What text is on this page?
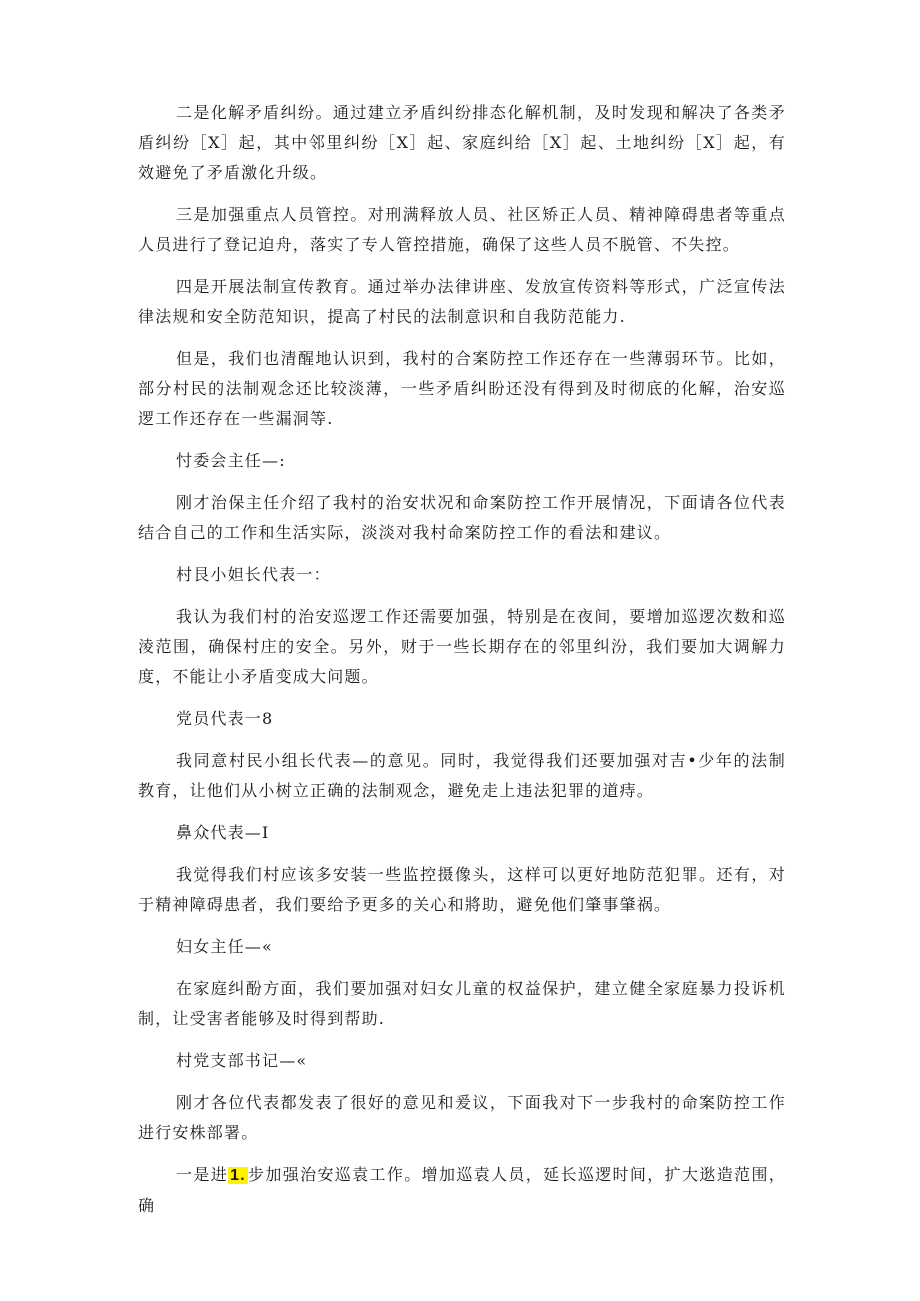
二是化解矛盾纠纷。通过建立矛盾纠纷排态化解机制，及时发现和解决了各类矛盾纠纷［X］起，其中邻里纠纷［X］起、家庭纠给［X］起、土地纠纷［X］起，有效避免了矛盾激化升级。

三是加强重点人员管控。对刑满释放人员、社区矫正人员、精神障碍患者等重点人员进行了登记迫舟，落实了专人管控措施，确保了这些人员不脱管、不失控。

四是开展法制宣传教育。通过举办法律讲座、发放宣传资料等形式，广泛宣传法律法规和安全防范知识，提高了村民的法制意识和自我防范能力.

但是，我们也清醒地认识到，我村的合案防控工作还存在一些薄弱环节。比如，部分村民的法制观念还比较淡薄，一些矛盾纠盼还没有得到及时彻底的化解，治安巡逻工作还存在一些漏洞等.

忖委会主任—:

刚才治保主任介绍了我村的治安状况和命案防控工作开展情况，下面请各位代表结合自己的工作和生活实际，淡淡对我村命案防控工作的看法和建议。

村艮小妲长代表一：

我认为我们村的治安巡逻工作还需要加强，特别是在夜间，要增加巡逻次数和巡淩范围，确保村庄的安全。另外，财于一些长期存在的邻里纠汾，我们要加大调解力度，不能让小矛盾变成大问题。

党员代表一8

我同意村民小组长代表—的意见。同时，我觉得我们还要加强对吉•少年的法制教育，让他们从小树立正确的法制观念，避免走上违法犯罪的道痔。

鼻众代表—I

我觉得我们村应该多安装一些监控摄像头，这样可以更好地防范犯罪。还有，对于精神障碍患者，我们要给予更多的关心和將助，避免他们肇事肇祸。

妇女主任—«

在家庭纠酚方面，我们要加强对妇女儿童的权益保护，建立健全家庭暴力投诉机制，让受害者能够及时得到帮助.

村党支部书记—«

刚才各位代表都发表了很好的意见和爰议，下面我对下一步我村的命案防控工作进行安株部署。

一是进 1. 步加强治安巡袁工作。增加巡袁人员，延长巡逻时间，扩大逖造范围，确
